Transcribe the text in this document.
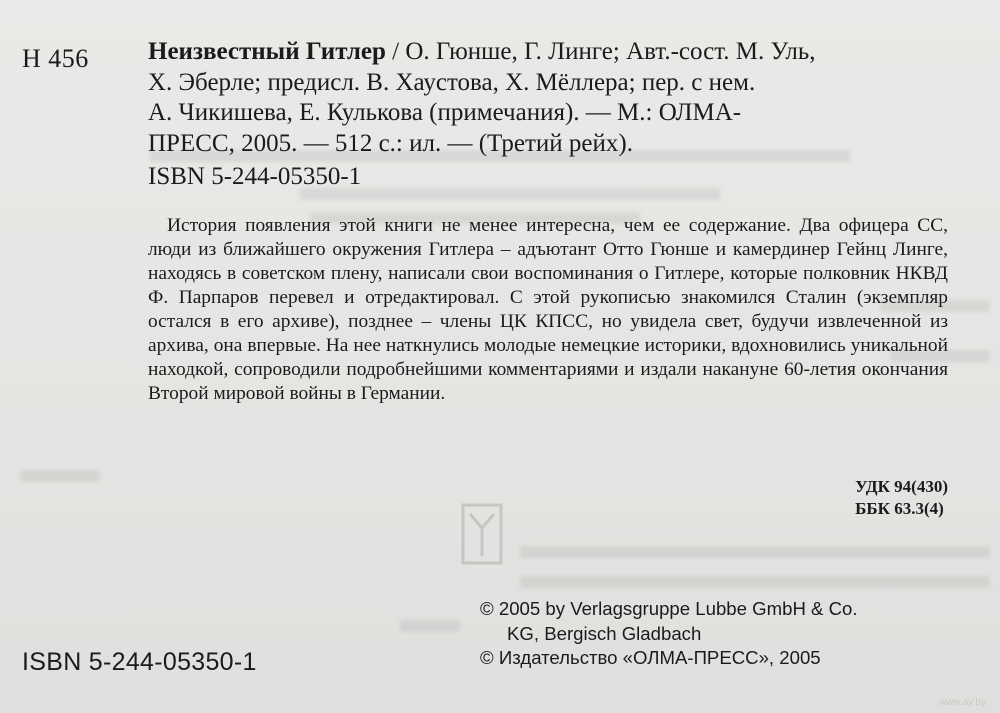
Н 456 Неизвестный Гитлер / О. Гюнше, Г. Линге; Авт.-сост. М. Уль,
Х. Эберле; предисл. В. Хаустова, Х. Мёллера; пер. с нем.
А. Чикишева, Е. Кулькова (примечания). — М.: ОЛМА-
ПРЕСС, 2005. — 512 с.: ил. — (Третий рейх).
ISBN 5-244-05350-1
История появления этой книги не менее интересна, чем ее содержание. Два офицера СС, люди из ближайшего окружения Гитлера – адъютант Отто Гюнше и камердинер Гейнц Линге, находясь в советском плену, написали свои воспоминания о Гитлере, которые полковник НКВД Ф. Парпаров перевел и отредактировал. С этой рукописью знакомился Сталин (экземпляр остался в его архиве), позднее – члены ЦК КПСС, но увидела свет, будучи извлеченной из архива, она впервые. На нее наткнулись молодые немецкие историки, вдохновились уникальной находкой, сопроводили подробнейшими комментариями и издали накануне 60-летия окончания Второй мировой войны в Германии.
УДК 94(430)
ББК 63.3(4)
© 2005 by Verlagsgruppe Lubbe GmbH & Co.
KG, Bergisch Gladbach
© Издательство «ОЛМА-ПРЕСС», 2005
ISBN 5-244-05350-1
www.ay.by
